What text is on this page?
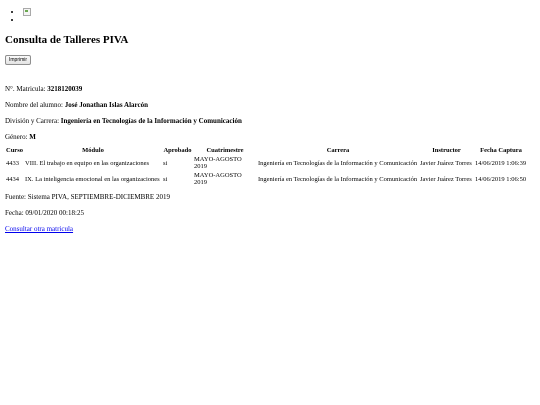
•
•
Consulta de Talleres PIVA
Imprimir

N°. Matricula: 3218120039

Nombre del alumno: José Jonathan Islas Alarcón

División y Carrera: Ingeniería en Tecnologías de la Información y Comunicación

Género: M

Curso	Módulo	Aprobado	Cuatrimestre	Carrera	Instructor	Fecha Captura
4433	VIII. El trabajo en equipo en las organizaciones	si	MAYO-AGOSTO 2019	Ingeniería en Tecnologías de la Información y Comunicación	Javier Juárez Torres	14/06/2019 1:06:39
4434	IX. La inteligencia emocional en las organizaciones	si	MAYO-AGOSTO 2019	Ingeniería en Tecnologías de la Información y Comunicación	Javier Juárez Torres	14/06/2019 1:06:50

Fuente: Sistema PIVA, SEPTIEMBRE-DICIEMBRE 2019

Fecha: 09/01/2020 00:18:25

Consultar otra matricula
